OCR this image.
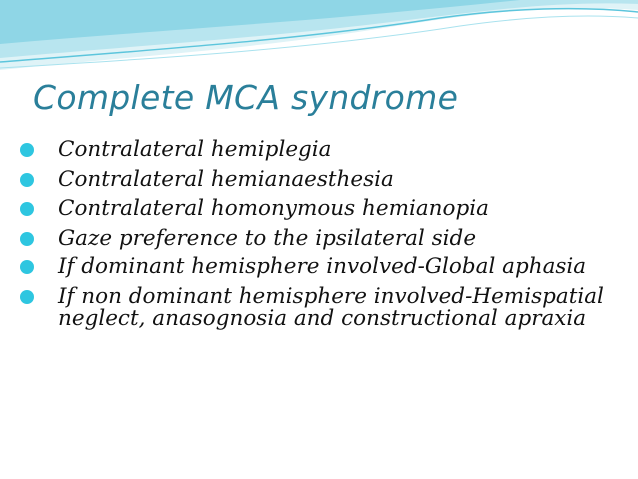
Complete MCA syndrome
Contralateral hemiplegia
Contralateral hemianaesthesia
Contralateral homonymous hemianopia
Gaze preference to the ipsilateral side
If dominant hemisphere involved-Global aphasia
If non dominant hemisphere involved-Hemispatial neglect, anasognosia and constructional apraxia
